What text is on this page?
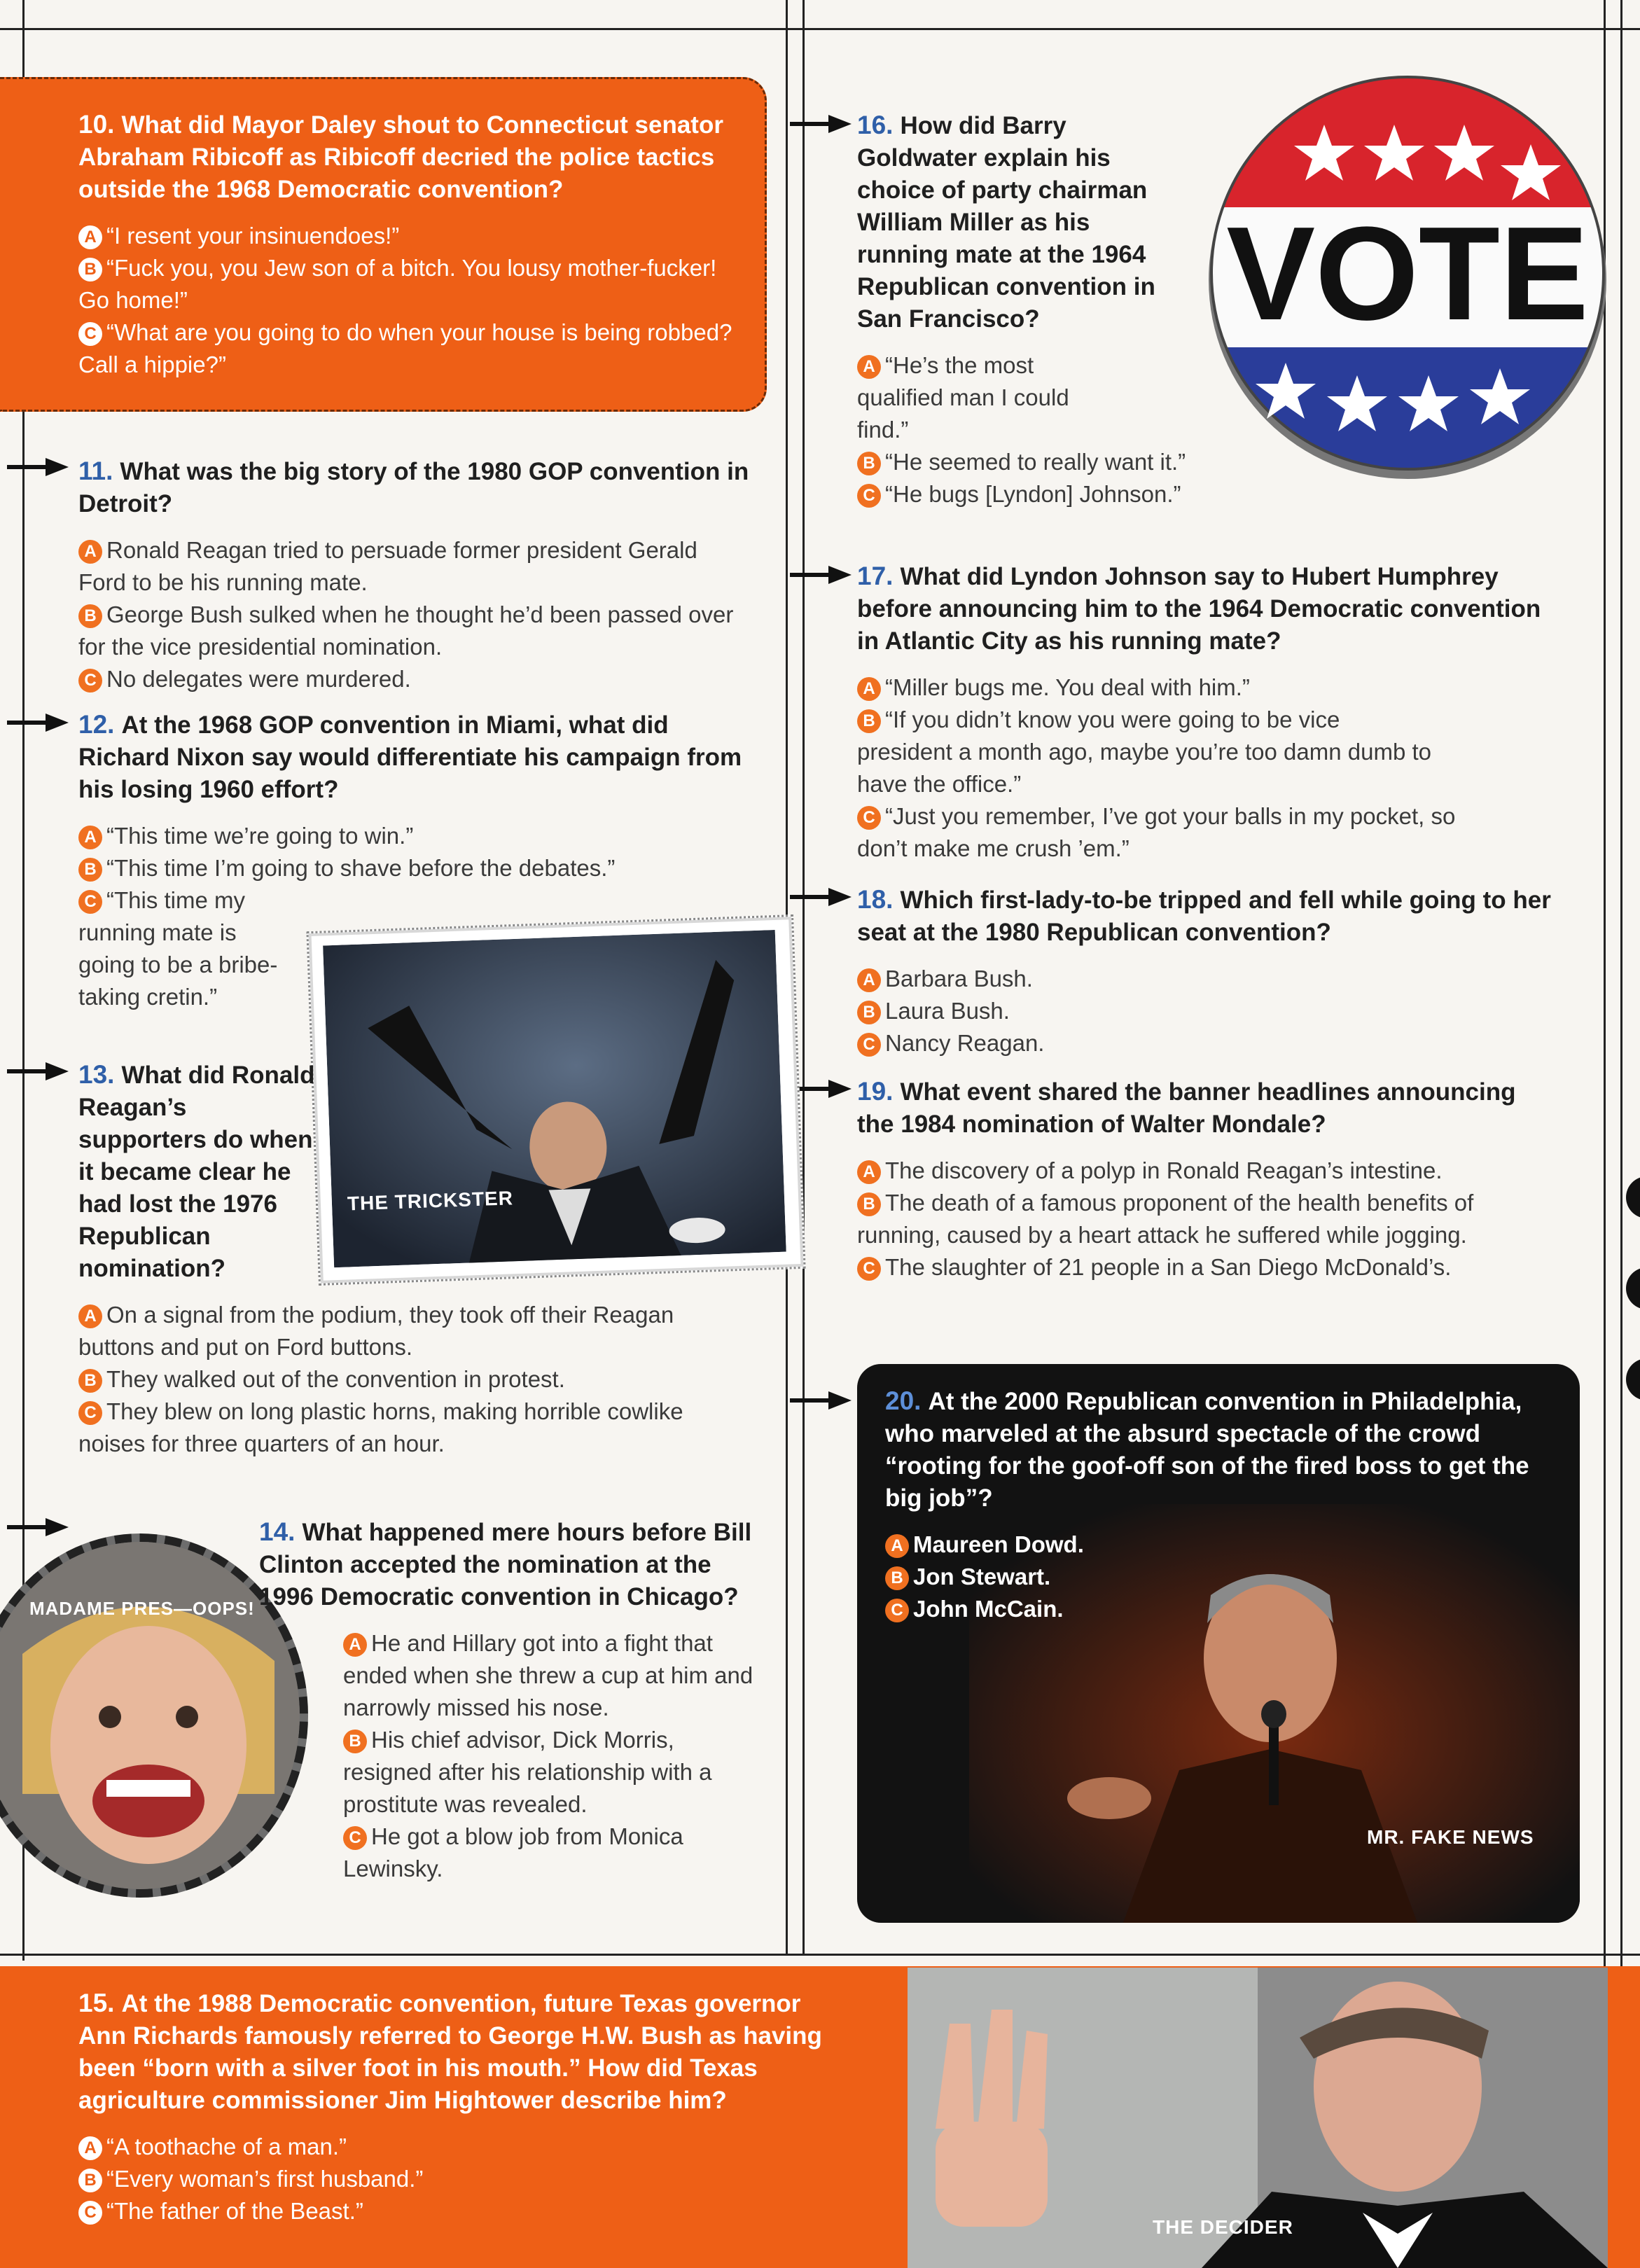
10. What did Mayor Daley shout to Connecticut senator Abraham Ribicoff as Ribicoff decried the police tactics outside the 1968 Democratic convention?
A “I resent your insinuendoes!”
B “Fuck you, you Jew son of a bitch. You lousy mother-fucker! Go home!”
C “What are you going to do when your house is being robbed? Call a hippie?”
11. What was the big story of the 1980 GOP convention in Detroit?
A Ronald Reagan tried to persuade former president Gerald Ford to be his running mate.
B George Bush sulked when he thought he’d been passed over for the vice presidential nomination.
C No delegates were murdered.
12. At the 1968 GOP convention in Miami, what did Richard Nixon say would differentiate his campaign from his losing 1960 effort?
A “This time we’re going to win.”
B “This time I’m going to shave before the debates.”
C “This time my running mate is going to be a bribe-taking cretin.”
THE TRICKSTER
13. What did Ronald Reagan’s supporters do when it became clear he had lost the 1976 Republican nomination?
A On a signal from the podium, they took off their Reagan buttons and put on Ford buttons.
B They walked out of the convention in protest.
C They blew on long plastic horns, making horrible cowlike noises for three quarters of an hour.
MADAME PRES—OOPS!
14. What happened mere hours before Bill Clinton accepted the nomination at the 1996 Democratic convention in Chicago?
A He and Hillary got into a fight that ended when she threw a cup at him and narrowly missed his nose.
B His chief advisor, Dick Morris, resigned after his relationship with a prostitute was revealed.
C He got a blow job from Monica Lewinsky.
15. At the 1988 Democratic convention, future Texas governor Ann Richards famously referred to George H.W. Bush as having been “born with a silver foot in his mouth.” How did Texas agriculture commissioner Jim Hightower describe him?
A “A toothache of a man.”
B “Every woman’s first husband.”
C “The father of the Beast.”
THE DECIDER
VOTE
16. How did Barry Goldwater explain his choice of party chairman William Miller as his running mate at the 1964 Republican convention in San Francisco?
A “He’s the most qualified man I could find.”
B “He seemed to really want it.”
C “He bugs [Lyndon] Johnson.”
17. What did Lyndon Johnson say to Hubert Humphrey before announcing him to the 1964 Democratic convention in Atlantic City as his running mate?
A “Miller bugs me. You deal with him.”
B “If you didn’t know you were going to be vice president a month ago, maybe you’re too damn dumb to have the office.”
C “Just you remember, I’ve got your balls in my pocket, so don’t make me crush ’em.”
18. Which first-lady-to-be tripped and fell while going to her seat at the 1980 Republican convention?
A Barbara Bush.
B Laura Bush.
C Nancy Reagan.
19. What event shared the banner headlines announcing the 1984 nomination of Walter Mondale?
A The discovery of a polyp in Ronald Reagan’s intestine.
B The death of a famous proponent of the health benefits of running, caused by a heart attack he suffered while jogging.
C The slaughter of 21 people in a San Diego McDonald’s.
20. At the 2000 Republican convention in Philadelphia, who marveled at the absurd spectacle of the crowd “rooting for the goof-off son of the fired boss to get the big job”?
A Maureen Dowd.
B Jon Stewart.
C John McCain.
MR. FAKE NEWS
